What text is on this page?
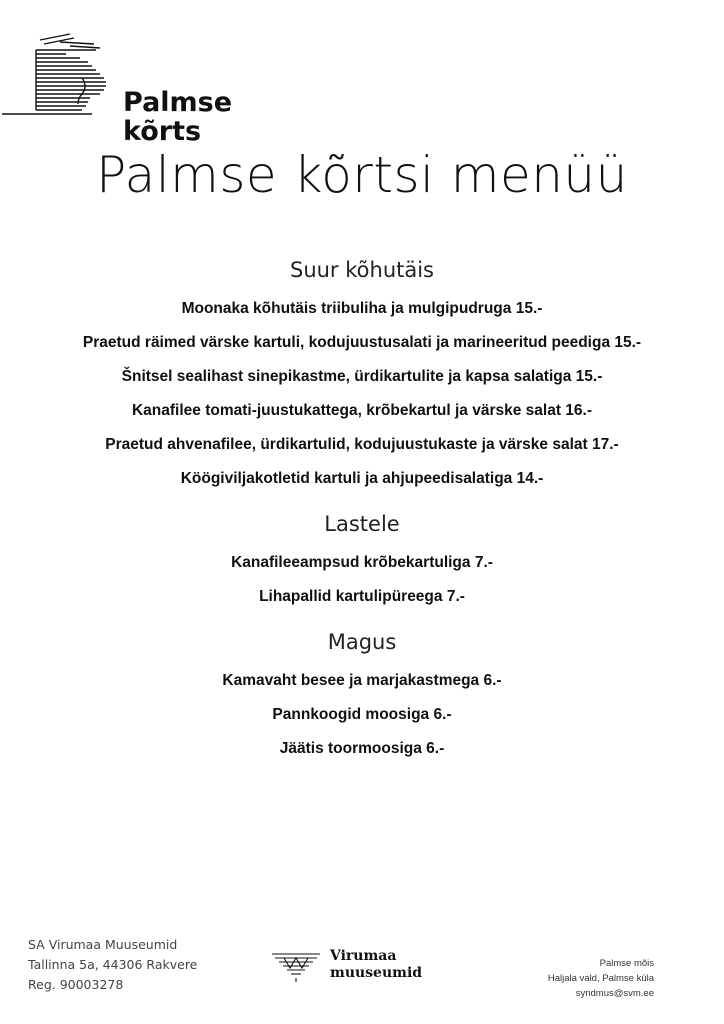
Palmse
kõrts
Palmse kõrtsi menüü
Suur kõhutäis
Moonaka kõhutäis triibuliha ja mulgipudruga 15.-
Praetud räimed värske kartuli, kodujuustusalati ja marineeritud peediga 15.-
Šnitsel sealihast sinepikastme, ürdikartulite ja kapsa salatiga 15.-
Kanafilee tomati-juustukattega, krõbekartul ja värske salat 16.-
Praetud ahvenafilee, ürdikartulid, kodujuustukaste ja värske salat 17.-
Köögiviljakotletid kartuli ja ahjupeedisalatiga 14.-
Lastele
Kanafileeampsud krõbekartuliga 7.-
Lihapallid kartulipüreega 7.-
Magus
Kamavaht besee ja marjakastmega 6.-
Pannkoogid moosiga 6.-
Jäätis toormoosiga 6.-
SA Virumaa Muuseumid
Tallinna 5a, 44306 Rakvere
Reg. 90003278
Virumaa
muuseumid
Palmse mõis
Haljala vald, Palmse küla
syndmus@svm.ee
